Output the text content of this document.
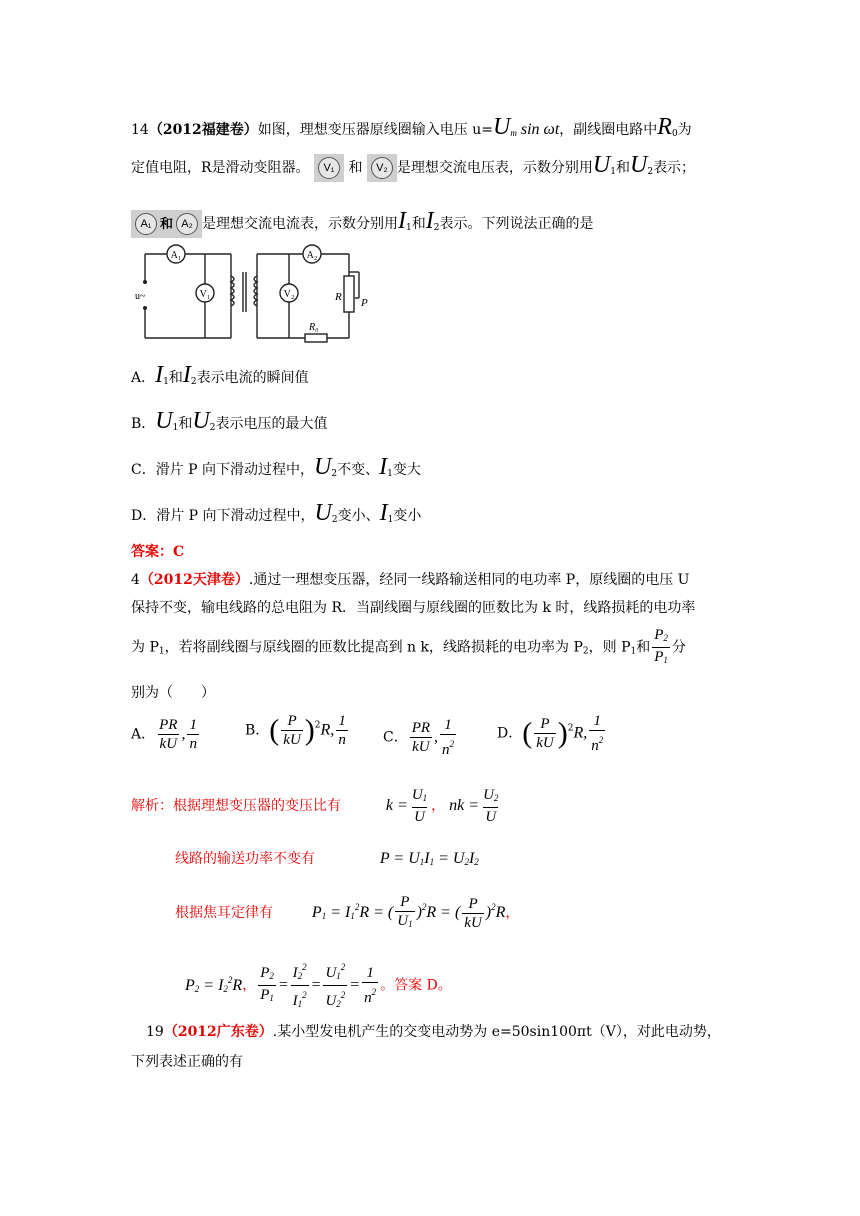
14（2012福建卷）如图，理想变压器原线圈输入电压 $u=U_m$ sin ωt，副线圈电路中$R_0$为
定值电阻，R是滑动变阻器。 V₁ 和 V₂ 是理想交流电压表，示数分别用$U_1$和$U_2$表示；
A₁ 和 A₂ 是理想交流电流表，示数分别用$I_1$和$I_2$表示。下列说法正确的是
A₁
V₁	V₂
A₂
u~	R P
R₀
A．$I_1$和$I_2$表示电流的瞬间值
B．$U_1$和$U_2$表示电压的最大值
C．滑片 P 向下滑动过程中，$U_2$不变、$I_1$变大
D．滑片 P 向下滑动过程中，$U_2$变小、$I_1$变小
答案：C
4（2012天津卷）.通过一理想变压器，经同一线路输送相同的电功率 P，原线圈的电压 U
保持不变，输电线路的总电阻为 R．当副线圈与原线圈的匝数比为 k 时，线路损耗的电功率
为 $P_1$，若将副线圈与原线圈的匝数比提高到 n k，线路损耗的电功率为 $P_2$，则 $P_1$和 $\frac{P_2}{P_1}$ 分
别为（　　）
A． $\frac{PR}{kU}$ , $\frac{1}{n}$	B．( $\frac{P}{kU} )^2R$, $\frac{1}{n}$	C． $\frac{PR}{kU}$ , $\frac{1}{n^2}$	D．( $\frac{P}{kU} )^2R$, $\frac{1}{n^2}$
解析：根据理想变压器的变压比有	$k = \frac{U_1}{U}$ ， nk = $\frac{U_2}{U}$
线路的输送功率不变有	$P = U_1I_1 = U_2I_2$
根据焦耳定律有 $P_1 = I_1^2R$ = ( $\frac{P}{U_1} )^2R$ = ( $\frac{P}{kU} )^2R$，
$P_2 = I_2^2R$， $\frac{P_2}{P_1} = \frac{I_2^2}{I_1^2} = \frac{U_1^2}{U_2^2} = \frac{1}{n^2}$ 。答案 D。
19（2012广东卷）.某小型发电机产生的交变电动势为 e=50sin100πt（V），对此电动势，
下列表述正确的有
